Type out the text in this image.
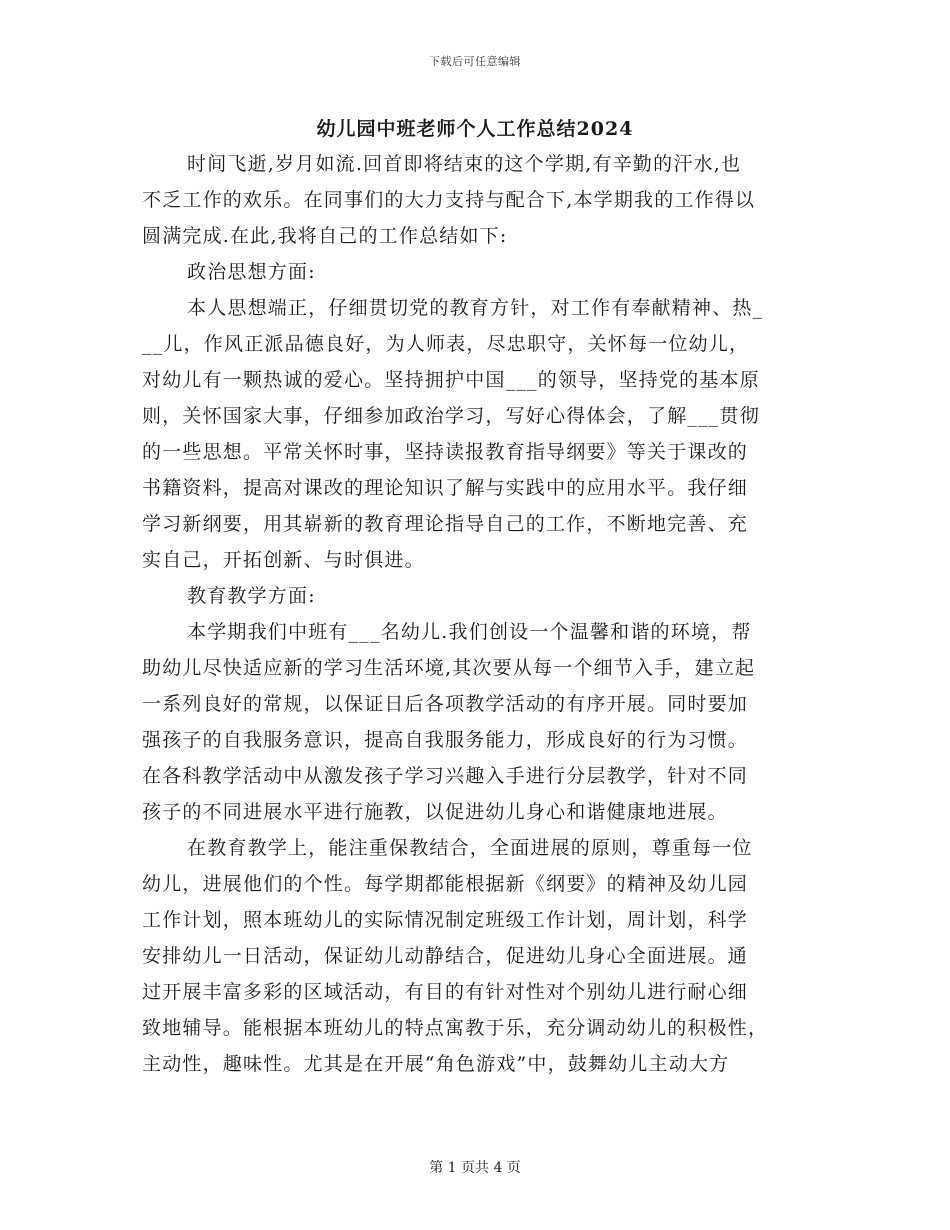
下载后可任意编辑
幼儿园中班老师个人工作总结2024
时间飞逝,岁月如流.回首即将结束的这个学期,有辛勤的汗水,也
不乏工作的欢乐。在同事们的大力支持与配合下,本学期我的工作得以
圆满完成.在此,我将自己的工作总结如下:
政治思想方面:
本人思想端正，仔细贯切党的教育方针，对工作有奉献精神、热_
__儿，作风正派品德良好，为人师表，尽忠职守，关怀每一位幼儿，
对幼儿有一颗热诚的爱心。坚持拥护中国___的领导，坚持党的基本原
则，关怀国家大事，仔细参加政治学习，写好心得体会，了解___贯彻
的一些思想。平常关怀时事，坚持读报教育指导纲要》等关于课改的
书籍资料，提高对课改的理论知识了解与实践中的应用水平。我仔细
学习新纲要，用其崭新的教育理论指导自己的工作，不断地完善、充
实自己，开拓创新、与时俱进。
教育教学方面:
本学期我们中班有___名幼儿.我们创设一个温馨和谐的环境，帮
助幼儿尽快适应新的学习生活环境,其次要从每一个细节入手，建立起
一系列良好的常规，以保证日后各项教学活动的有序开展。同时要加
强孩子的自我服务意识，提高自我服务能力，形成良好的行为习惯。
在各科教学活动中从激发孩子学习兴趣入手进行分层教学，针对不同
孩子的不同进展水平进行施教，以促进幼儿身心和谐健康地进展。
在教育教学上，能注重保教结合，全面进展的原则，尊重每一位
幼儿，进展他们的个性。每学期都能根据新《纲要》的精神及幼儿园
工作计划，照本班幼儿的实际情况制定班级工作计划，周计划，科学
安排幼儿一日活动，保证幼儿动静结合，促进幼儿身心全面进展。通
过开展丰富多彩的区域活动，有目的有针对性对个别幼儿进行耐心细
致地辅导。能根据本班幼儿的特点寓教于乐，充分调动幼儿的积极性，
主动性，趣味性。尤其是在开展“角色游戏”中，鼓舞幼儿主动大方
第 1 页共 4 页
